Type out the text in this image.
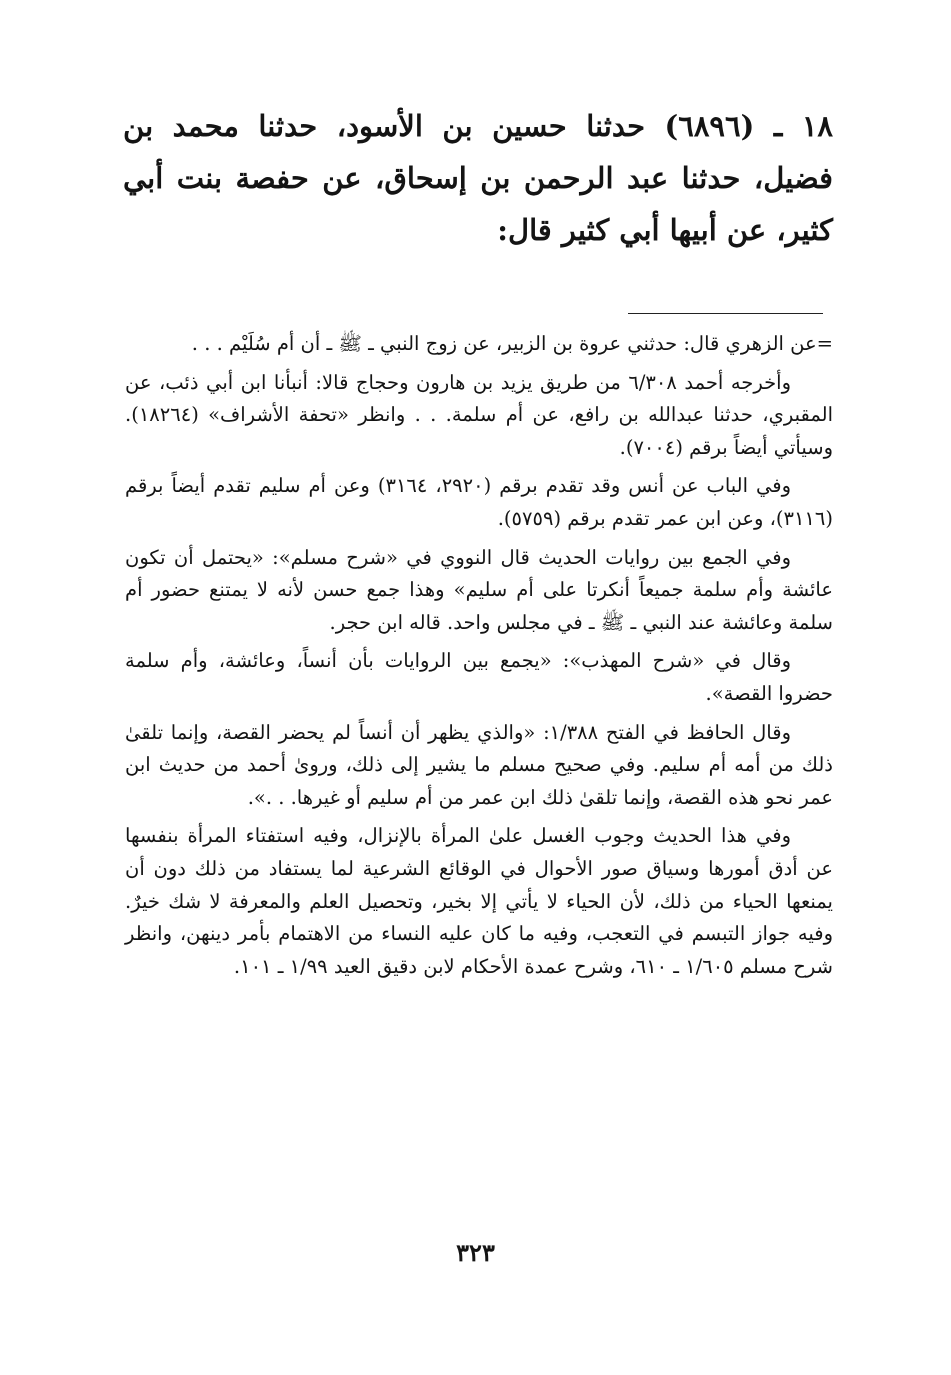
١٨ ـ (٦٨٩٦) حدثنا حسين بن الأسود، حدثنا محمد بن فضيل، حدثنا عبد الرحمن بن إسحاق، عن حفصة بنت أبي كثير، عن أبيها أبي كثير قال:

=عن الزهري قال: حدثني عروة بن الزبير، عن زوج النبي ـ ﷺ ـ أن أم سُلَيْم . . .

وأخرجه أحمد ٦/٣٠٨ من طريق يزيد بن هارون وحجاج قالا: أنبأنا ابن أبي ذئب، عن المقبري، حدثنا عبدالله بن رافع، عن أم سلمة. . . وانظر «تحفة الأشراف» (١٨٢٦٤). وسيأتي أيضاً برقم (٧٠٠٤).

وفي الباب عن أنس وقد تقدم برقم (٢٩٢٠، ٣١٦٤) وعن أم سليم تقدم أيضاً برقم (٣١١٦)، وعن ابن عمر تقدم برقم (٥٧٥٩).

وفي الجمع بين روايات الحديث قال النووي في «شرح مسلم»: «يحتمل أن تكون عائشة وأم سلمة جميعاً أنكرتا على أم سليم» وهذا جمع حسن لأنه لا يمتنع حضور أم سلمة وعائشة عند النبي ـ ﷺ ـ في مجلس واحد. قاله ابن حجر.

وقال في «شرح المهذب»: «يجمع بين الروايات بأن أنساً، وعائشة، وأم سلمة حضروا القصة».

وقال الحافظ في الفتح ١/٣٨٨: «والذي يظهر أن أنساً لم يحضر القصة، وإنما تلقىٰ ذلك من أمه أم سليم. وفي صحيح مسلم ما يشير إلى ذلك، وروىٰ أحمد من حديث ابن عمر نحو هذه القصة، وإنما تلقىٰ ذلك ابن عمر من أم سليم أو غيرها. . .».

وفي هذا الحديث وجوب الغسل علىٰ المرأة بالإنزال، وفيه استفتاء المرأة بنفسها عن أدق أمورها وسياق صور الأحوال في الوقائع الشرعية لما يستفاد من ذلك دون أن يمنعها الحياء من ذلك، لأن الحياء لا يأتي إلا بخير، وتحصيل العلم والمعرفة لا شك خيرٌ. وفيه جواز التبسم في التعجب، وفيه ما كان عليه النساء من الاهتمام بأمر دينهن، وانظر شرح مسلم ١/٦٠٥ ـ ٦١٠، وشرح عمدة الأحكام لابن دقيق العيد ١/٩٩ ـ ١٠١.

٣٢٣
